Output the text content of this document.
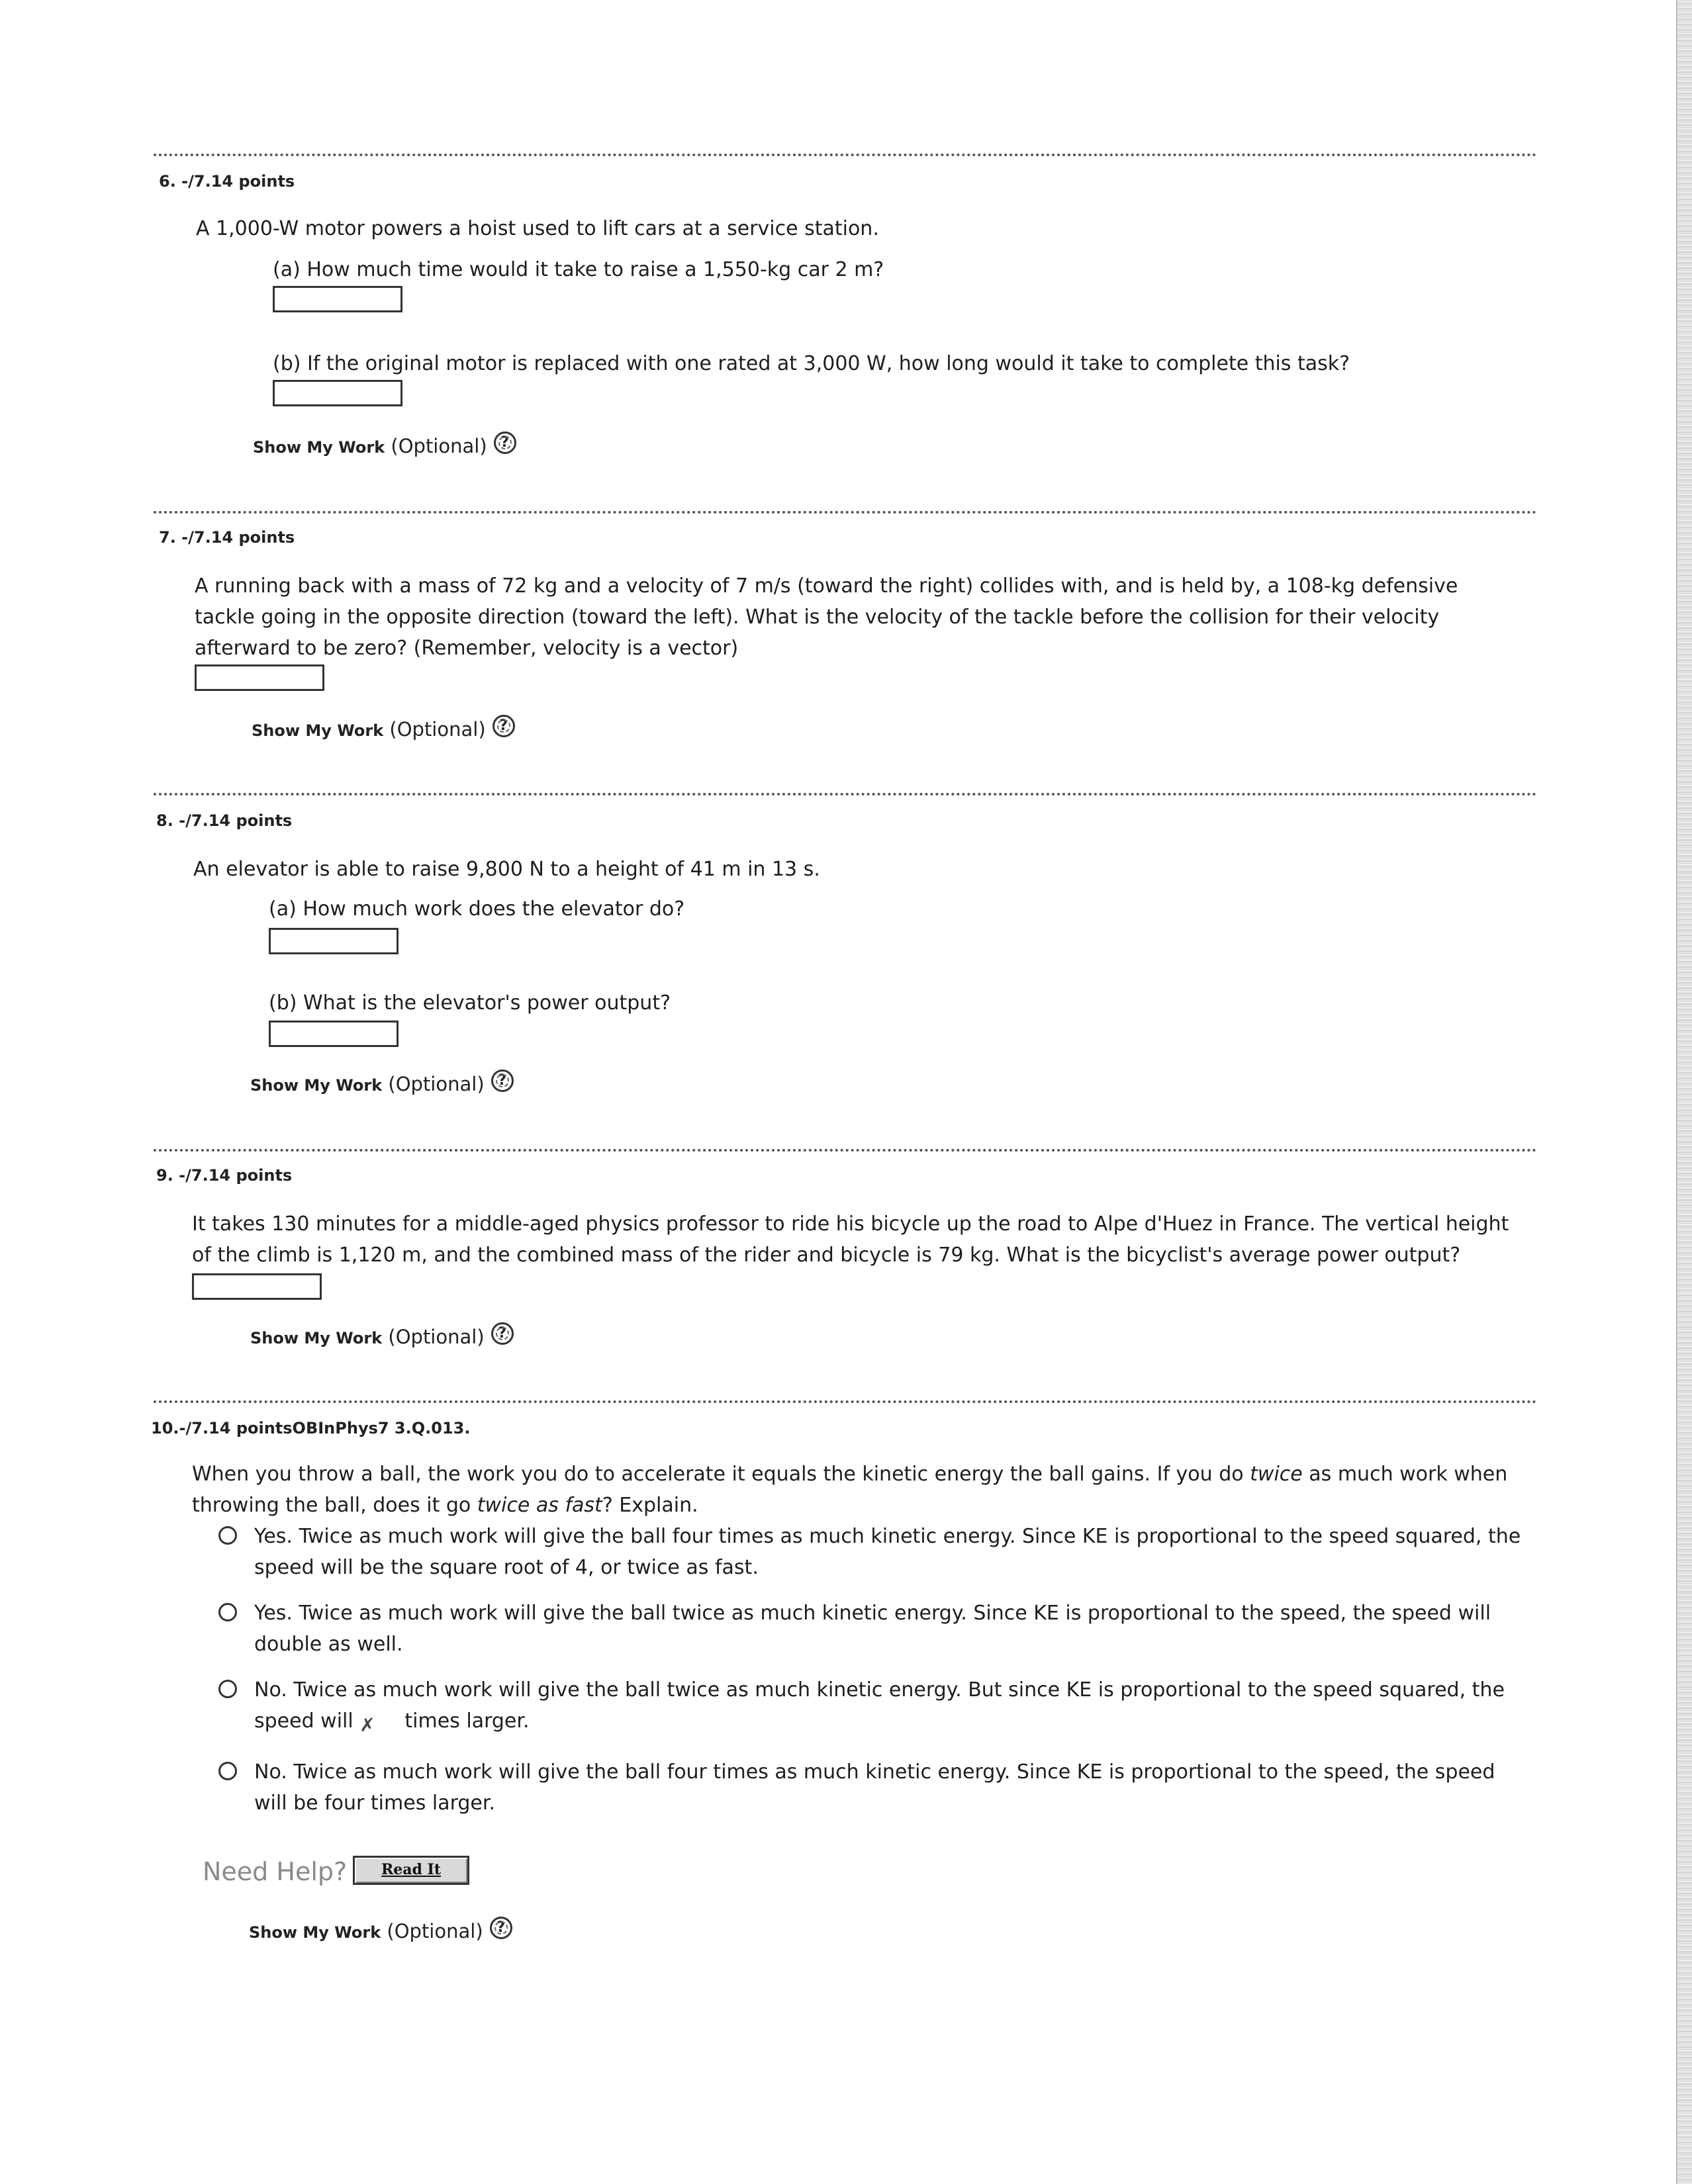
6. -/7.14 points
A 1,000-W motor powers a hoist used to lift cars at a service station.
(a) How much time would it take to raise a 1,550-kg car 2 m?
(b) If the original motor is replaced with one rated at 3,000 W, how long would it take to complete this task?
Show My Work (Optional)?
7. -/7.14 points
A running back with a mass of 72 kg and a velocity of 7 m/s (toward the right) collides with, and is held by, a 108-kg defensive tackle going in the opposite direction (toward the left). What is the velocity of the tackle before the collision for their velocity afterward to be zero? (Remember, velocity is a vector)
Show My Work (Optional)?
8. -/7.14 points
An elevator is able to raise 9,800 N to a height of 41 m in 13 s.
(a) How much work does the elevator do?
(b) What is the elevator's power output?
Show My Work (Optional)?
9. -/7.14 points
It takes 130 minutes for a middle-aged physics professor to ride his bicycle up the road to Alpe d'Huez in France. The vertical height of the climb is 1,120 m, and the combined mass of the rider and bicycle is 79 kg. What is the bicyclist's average power output?
Show My Work (Optional)?
10.-/7.14 pointsOBInPhys7 3.Q.013.
When you throw a ball, the work you do to accelerate it equals the kinetic energy the ball gains. If you do twice as much work when throwing the ball, does it go twice as fast? Explain.
Yes. Twice as much work will give the ball four times as much kinetic energy. Since KE is proportional to the speed squared, the speed will be the square root of 4, or twice as fast.
Yes. Twice as much work will give the ball twice as much kinetic energy. Since KE is proportional to the speed, the speed will double as well.
No. Twice as much work will give the ball twice as much kinetic energy. But since KE is proportional to the speed squared, the speed will ✗ times larger.
No. Twice as much work will give the ball four times as much kinetic energy. Since KE is proportional to the speed, the speed will be four times larger.
Need Help?	Read It
Show My Work (Optional)?
